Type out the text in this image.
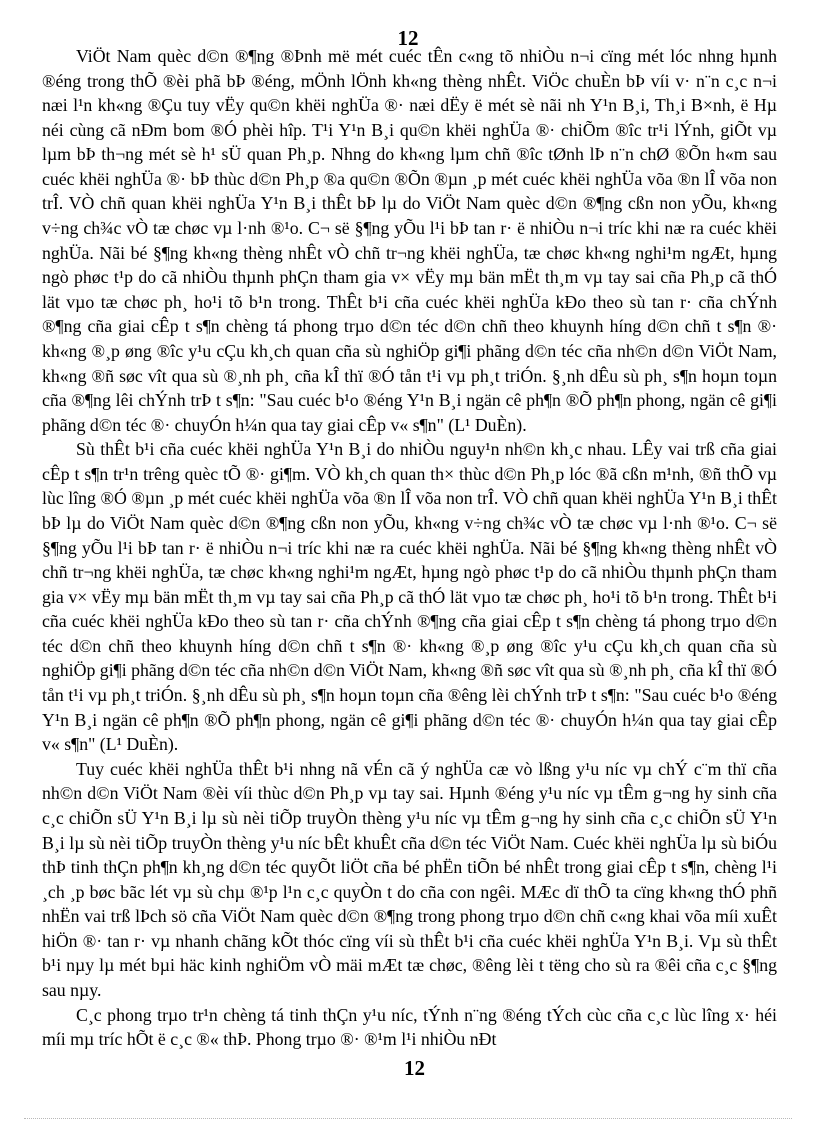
12

ViÖt Nam quèc d©n ®¶ng ®Þnh më mét cuéc tÊn c«ng tõ nhiÒu n¬i cïng mét lóc nhng hµnh ®éng trong thÕ ®èi phã bÞ ®éng, mÖnh lÖnh kh«ng thèng nhÊt. ViÖc chuÈn bÞ víi v· n¨n c¸c n¬i næi l¹n kh«ng ®Çu tuy vËy qu©n khëi nghÜa ®· næi dËy ë mét sè nãi nh Y¹n B¸i, Th¸i B×nh, ë Hµ néi cùng cã nÐm bom ®Ó phèi hîp. T¹i Y¹n B¸i qu©n khëi nghÜa ®· chiÕm ®îc tr¹i lÝnh, giÕt vµ lµm bÞ th¬ng mét sè h¹ sÜ quan Ph¸p. Nhng do kh«ng lµm chñ ®îc tØnh lÞ n¨n chØ ®Õn h«m sau cuéc khëi nghÜa ®· bÞ thùc d©n Ph¸p ®a qu©n ®Õn ®µn ¸p mét cuéc khëi nghÜa võa ®n lÎ võa non trÎ. VÒ chñ quan khëi nghÜa Y¹n B¸i thÊt bÞ lµ do ViÖt Nam quèc d©n ®¶ng cßn non yÕu, kh«ng v÷ng ch¾c vÒ tæ chøc vµ l·nh ®¹o. C¬ së §¶ng yÕu l¹i bÞ tan r· ë nhiÒu n¬i tríc khi næ ra cuéc khëi nghÜa. Nãi bé §¶ng kh«ng thèng nhÊt vÒ chñ tr¬ng khëi nghÜa, tæ chøc kh«ng nghi¹m ngÆt, hµng ngò phøc t¹p do cã nhiÒu thµnh phÇn tham gia v× vËy mµ bän mËt th¸m vµ tay sai cña Ph¸p cã thÓ lät vµo tæ chøc ph¸ ho¹i tõ b¹n trong. ThÊt b¹i cña cuéc khëi nghÜa kÐo theo sù tan r· cña chÝnh ®¶ng cña giai cÊp t s¶n chèng tá phong trµo d©n téc d©n chñ theo khuynh híng d©n chñ t s¶n ®· kh«ng ®¸p øng ®îc y¹u cÇu kh¸ch quan cña sù nghiÖp gi¶i phãng d©n téc cña nh©n d©n ViÖt Nam, kh«ng ®ñ søc vît qua sù ®¸nh ph¸ cña kÎ thï ®Ó tån t¹i vµ ph¸t triÓn. §¸nh dÊu sù ph¸ s¶n hoµn toµn cña ®¶ng lêi chÝnh trÞ t s¶n: "Sau cuéc b¹o ®éng Y¹n B¸i ngän cê ph¶n ®Õ ph¶n phong, ngän cê gi¶i phãng d©n téc ®· chuyÓn h¼n qua tay giai cÊp v« s¶n" (L¹ DuÈn).

Sù thÊt b¹i cña cuéc khëi nghÜa Y¹n B¸i do nhiÒu nguy¹n nh©n kh¸c nhau. LÊy vai trß cña giai cÊp t s¶n tr¹n trêng quèc tÕ ®· gi¶m. VÒ kh¸ch quan th× thùc d©n Ph¸p lóc ®ã cßn m¹nh, ®ñ thÕ vµ lùc lîng ®Ó ®µn ¸p mét cuéc khëi nghÜa võa ®n lÎ võa non trÎ. VÒ chñ quan khëi nghÜa Y¹n B¸i thÊt bÞ lµ do ViÖt Nam quèc d©n ®¶ng cßn non yÕu, kh«ng v÷ng ch¾c vÒ tæ chøc vµ l·nh ®¹o. C¬ së §¶ng yÕu l¹i bÞ tan r· ë nhiÒu n¬i tríc khi næ ra cuéc khëi nghÜa. Nãi bé §¶ng kh«ng thèng nhÊt vÒ chñ tr¬ng khëi nghÜa, tæ chøc kh«ng nghi¹m ngÆt, hµng ngò phøc t¹p do cã nhiÒu thµnh phÇn tham gia v× vËy mµ bän mËt th¸m vµ tay sai cña Ph¸p cã thÓ lät vµo tæ chøc ph¸ ho¹i tõ b¹n trong. ThÊt b¹i cña cuéc khëi nghÜa kÐo theo sù tan r· cña chÝnh ®¶ng cña giai cÊp t s¶n chèng tá phong trµo d©n téc d©n chñ theo khuynh híng d©n chñ t s¶n ®· kh«ng ®¸p øng ®îc y¹u cÇu kh¸ch quan cña sù nghiÖp gi¶i phãng d©n téc cña nh©n d©n ViÖt Nam, kh«ng ®ñ søc vît qua sù ®¸nh ph¸ cña kÎ thï ®Ó tån t¹i vµ ph¸t triÓn. §¸nh dÊu sù ph¸ s¶n hoµn toµn cña ®êng lèi chÝnh trÞ t s¶n: "Sau cuéc b¹o ®éng Y¹n B¸i ngän cê ph¶n ®Õ ph¶n phong, ngän cê gi¶i phãng d©n téc ®· chuyÓn h¼n qua tay giai cÊp v« s¶n" (L¹ DuÈn).

Tuy cuéc khëi nghÜa thÊt b¹i nhng nã vÉn cã ý nghÜa cæ vò lßng y¹u níc vµ chÝ c¨m thï cña nh©n d©n ViÖt Nam ®èi víi thùc d©n Ph¸p vµ tay sai. Hµnh ®éng y¹u níc vµ tÊm g¬ng hy sinh cña c¸c chiÕn sÜ Y¹n B¸i lµ sù nèi tiÕp truyÒn thèng y¹u níc vµ tÊm g¬ng hy sinh cña c¸c chiÕn sÜ Y¹n B¸i lµ sù nèi tiÕp truyÒn thèng y¹u níc bÊt khuÊt cña d©n téc ViÖt Nam. Cuéc khëi nghÜa lµ sù biÓu thÞ tinh thÇn ph¶n kh¸ng d©n téc quyÕt liÖt cña bé phËn tiÕn bé nhÊt trong giai cÊp t s¶n, chèng l¹i ¸ch ¸p bøc bãc lét vµ sù chµ ®¹p l¹n c¸c quyÒn t do cña con ngêi. MÆc dï thÕ ta cïng kh«ng thÓ phñ nhËn vai trß lÞch sö cña ViÖt Nam quèc d©n ®¶ng trong phong trµo d©n chñ c«ng khai võa míi xuÊt hiÖn ®· tan r· vµ nhanh chãng kÕt thóc cïng víi sù thÊt b¹i cña cuéc khëi nghÜa Y¹n B¸i. Vµ sù thÊt b¹i nµy lµ mét bµi häc kinh nghiÖm vÒ mäi mÆt tæ chøc, ®êng lèi t tëng cho sù ra ®êi cña c¸c §¶ng sau nµy.

C¸c phong trµo tr¹n chèng tá tinh thÇn y¹u níc, tÝnh n¨ng ®éng tÝch cùc cña c¸c lùc lîng x· héi míi mµ tríc hÕt ë c¸c ®« thÞ. Phong trµo ®· ®¹m l¹i nhiÒu nÐt

12
